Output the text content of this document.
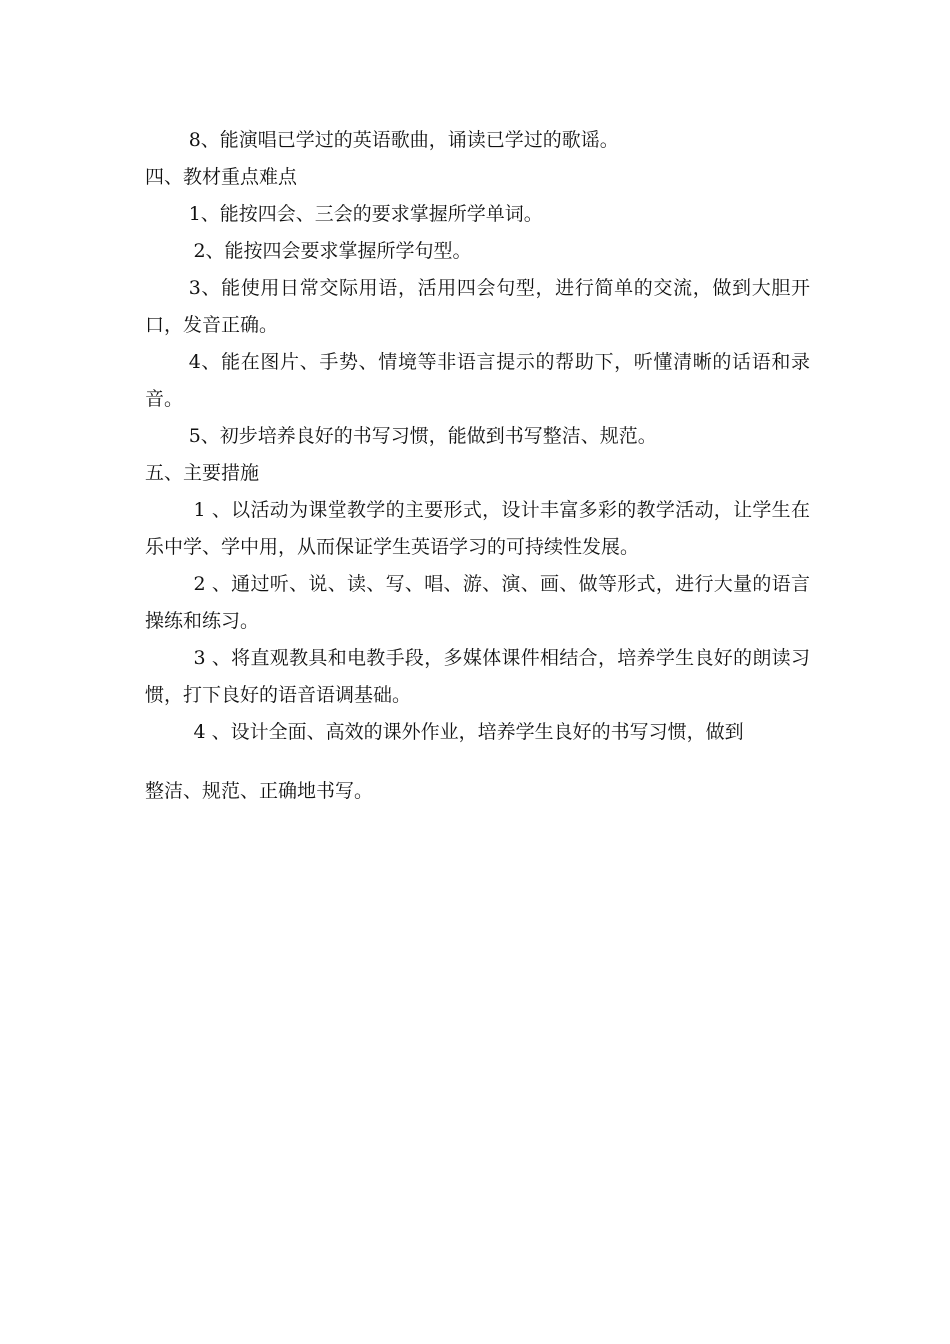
8、能演唱已学过的英语歌曲，诵读已学过的歌谣。

四、教材重点难点

1、能按四会、三会的要求掌握所学单词。

2、能按四会要求掌握所学句型。

3、能使用日常交际用语，活用四会句型，进行简单的交流，做到大胆开口，发音正确。

4、能在图片、手势、情境等非语言提示的帮助下，听懂清晰的话语和录音。

5、初步培养良好的书写习惯，能做到书写整洁、规范。

五、主要措施

1 、以活动为课堂教学的主要形式，设计丰富多彩的教学活动，让学生在乐中学、学中用，从而保证学生英语学习的可持续性发展。

2 、通过听、说、读、写、唱、游、演、画、做等形式，进行大量的语言操练和练习。

3 、将直观教具和电教手段，多媒体课件相结合，培养学生良好的朗读习惯，打下良好的语音语调基础。

4 、设计全面、高效的课外作业，培养学生良好的书写习惯，做到

整洁、规范、正确地书写。
